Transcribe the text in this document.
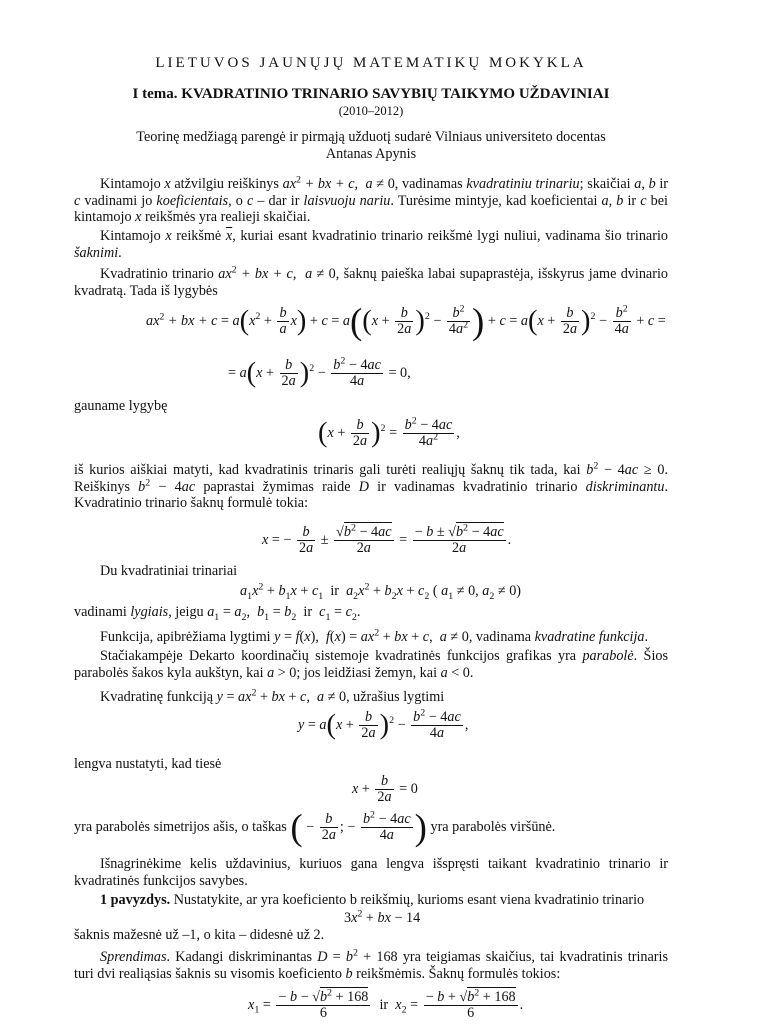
LIETUVOS JAUNŲJŲ MATEMATIKŲ MOKYKLA
I tema. KVADRATINIO TRINARIO SAVYBIŲ TAIKYMO UŽDAVINIAI
(2010–2012)
Teorinę medžiagą parengė ir pirmąją užduotį sudarė Vilniaus universiteto docentas
Antanas Apynis
Kintamojo x atžvilgiu reiškinys $ax^2$ + bx + c,  a ≠ 0, vadinamas kvadratiniu trinariu; skaičiai a, b ir c vadinami jo koeficientais, o c – dar ir laisvuoju nariu. Turėsime mintyje, kad koeficientai a, b ir c bei kintamojo x reikšmės yra realieji skaičiai.
Kintamojo x reikšmė $\overline{x}$, kuriai esant kvadratinio trinario reikšmė lygi nuliui, vadinama šio trinario šaknimi.
Kvadratinio trinario $ax^2$ + bx + c,  a ≠ 0, šaknų paieška labai supaprastėja, išskyrus jame dvinario kvadratą. Tada iš lygybės
$ax^2$ + bx + $c = a(x^2 + \frac{b}{a} x) + c = a((x + \frac{b}{2a} )^2 - \frac{b^2}{4a^2}$ ) + $c = a(x + \frac{b}{2a} )^2 - \frac{b^2}{4a} + c$ =
= $a(x + \frac{b}{2a} )^2 - \frac{b^2 - 4ac}{4a} = 0$,
gauname lygybę
$(x + \frac{b}{2a} )^2 = \frac{b^2 - 4ac}{4a^2}$ ,
iš kurios aiškiai matyti, kad kvadratinis trinaris gali turėti realiųjų šaknų tik tada, kai $b^2 - 4ac \ge 0$. Reiškinys $b^2 - 4ac$ paprastai žymimas raide D ir vadinamas kvadratinio trinario diskriminantu. Kvadratinio trinario šaknų formulė tokia:
x = − $\frac{b}{2a} \pm \frac{√b^2 - 4ac}{2a} = \frac{- b \pm √b^2 - 4ac}{2a}$ .
Du kvadratiniai trinariai
$a_1x^2 + b_1x + c_1$ ir $a_2x^2 + b_2x + c_2$ ( $a_1 \ne 0$, $a_2 \ne 0$)
vadinami lygiais, jeigu $a_1 = a_2$,  $b_1 = b_2$ ir $c_1 = c_2$.
Funkcija, apibrėžiama lygtimi y = f(x),  $f(x) = ax^2$ + bx + c,  a ≠ 0, vadinama kvadratine funkcija.
Stačiakampėje Dekarto koordinačių sistemoje kvadratinės funkcijos grafikas yra parabolė. Šios parabolės šakos kyla aukštyn, kai a > 0; jos leidžiasi žemyn, kai a < 0.
Kvadratinę funkciją $y = ax^2$ + bx + c,  a ≠ 0, užrašius lygtimi
$y = a(x + \frac{b}{2a} )^2 - \frac{b^2 - 4ac}{4a}$ ,
lengva nustatyti, kad tiesė
$x + \frac{b}{2a} = 0$
yra parabolės simetrijos ašis, o taškas ( − $\frac{b}{2a}$ ; − $\frac{b^2 - 4ac}{4a}$ ) yra parabolės viršūnė.
Išnagrinėkime kelis uždavinius, kuriuos gana lengva išspręsti taikant kvadratinio trinario ir kvadratinės funkcijos savybes.
1 pavyzdys. Nustatykite, ar yra koeficiento b reikšmių, kurioms esant viena kvadratinio trinario
$3x^2$ + bx − 14
šaknis mažesnė už –1, o kita – didesnė už 2.
Sprendimas. Kadangi diskriminantas $D = b^2 + 168$ yra teigiamas skaičius, tai kvadratinis trinaris turi dvi realiąsias šaknis su visomis koeficiento b reikšmėmis. Šaknų formulės tokios:
$x_1 = \frac{- b - √b^2 + 168}{6}$ ir $x_2 = \frac{- b + √b^2 + 168}{6}$ .
